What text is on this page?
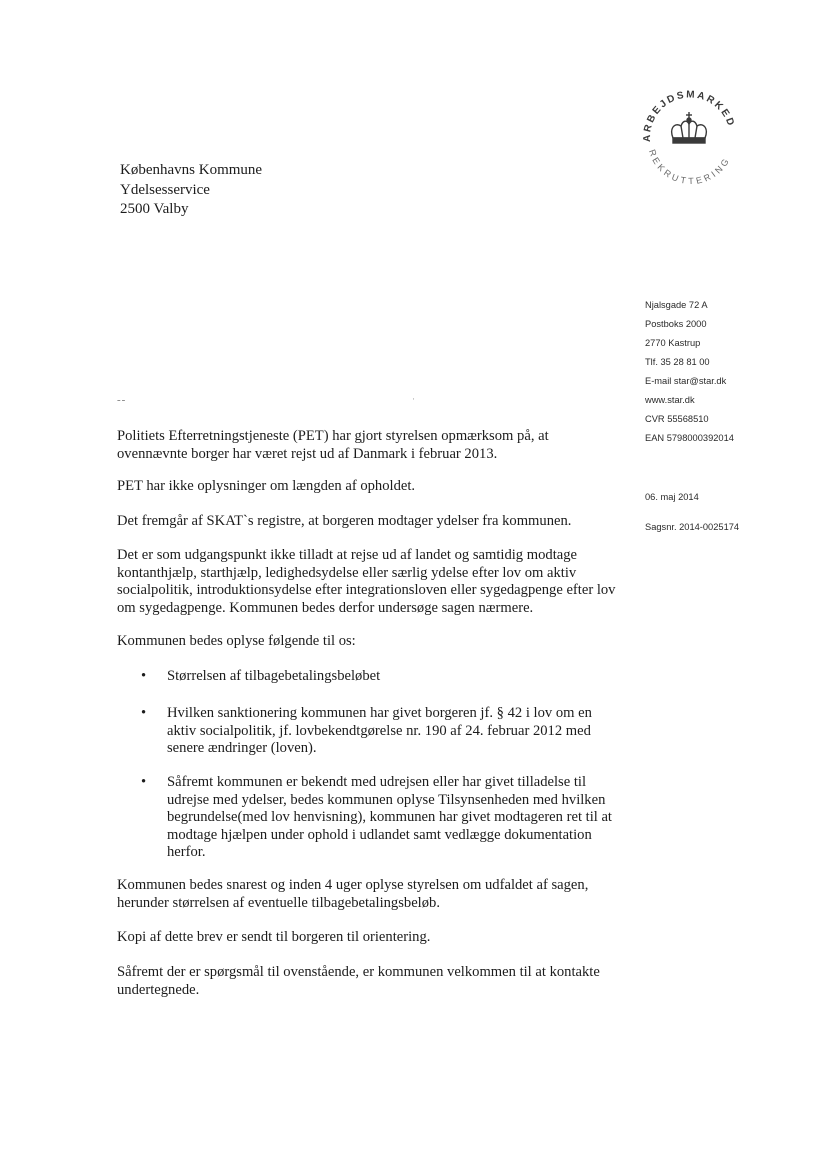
ARBEJDSMARKED
REKRUTTERING
Københavns Kommune
Ydelsesservice
2500 Valby
Njalsgade 72 A
Postboks 2000
2770 Kastrup
Tlf. 35 28 81 00
E-mail star@star.dk
www.star.dk
CVR 55568510
EAN 5798000392014
06. maj 2014
Sagsnr. 2014-0025174
--	·

Politiets Efterretningstjeneste (PET) har gjort styrelsen opmærksom på, at ovennævnte borger har været rejst ud af Danmark i februar 2013.

PET har ikke oplysninger om længden af opholdet.

Det fremgår af SKAT`s registre, at borgeren modtager ydelser fra kommunen.

Det er som udgangspunkt ikke tilladt at rejse ud af landet og samtidig modtage kontanthjælp, starthjælp, ledighedsydelse eller særlig ydelse efter lov om aktiv socialpolitik, introduktionsydelse efter integrationsloven eller sygedagpenge efter lov om sygedagpenge. Kommunen bedes derfor undersøge sagen nærmere.

Kommunen bedes oplyse følgende til os:

• Størrelsen af tilbagebetalingsbeløbet
• Hvilken sanktionering kommunen har givet borgeren jf. § 42 i lov om en aktiv socialpolitik, jf. lovbekendtgørelse nr. 190 af 24. februar 2012 med senere ændringer (loven).
• Såfremt kommunen er bekendt med udrejsen eller har givet tilladelse til udrejse med ydelser, bedes kommunen oplyse Tilsynsenheden med hvilken begrundelse(med lov henvisning), kommunen har givet modtageren ret til at modtage hjælpen under ophold i udlandet samt vedlægge dokumentation herfor.

Kommunen bedes snarest og inden 4 uger oplyse styrelsen om udfaldet af sagen, herunder størrelsen af eventuelle tilbagebetalingsbeløb.

Kopi af dette brev er sendt til borgeren til orientering.

Såfremt der er spørgsmål til ovenstående, er kommunen velkommen til at kontakte undertegnede.
